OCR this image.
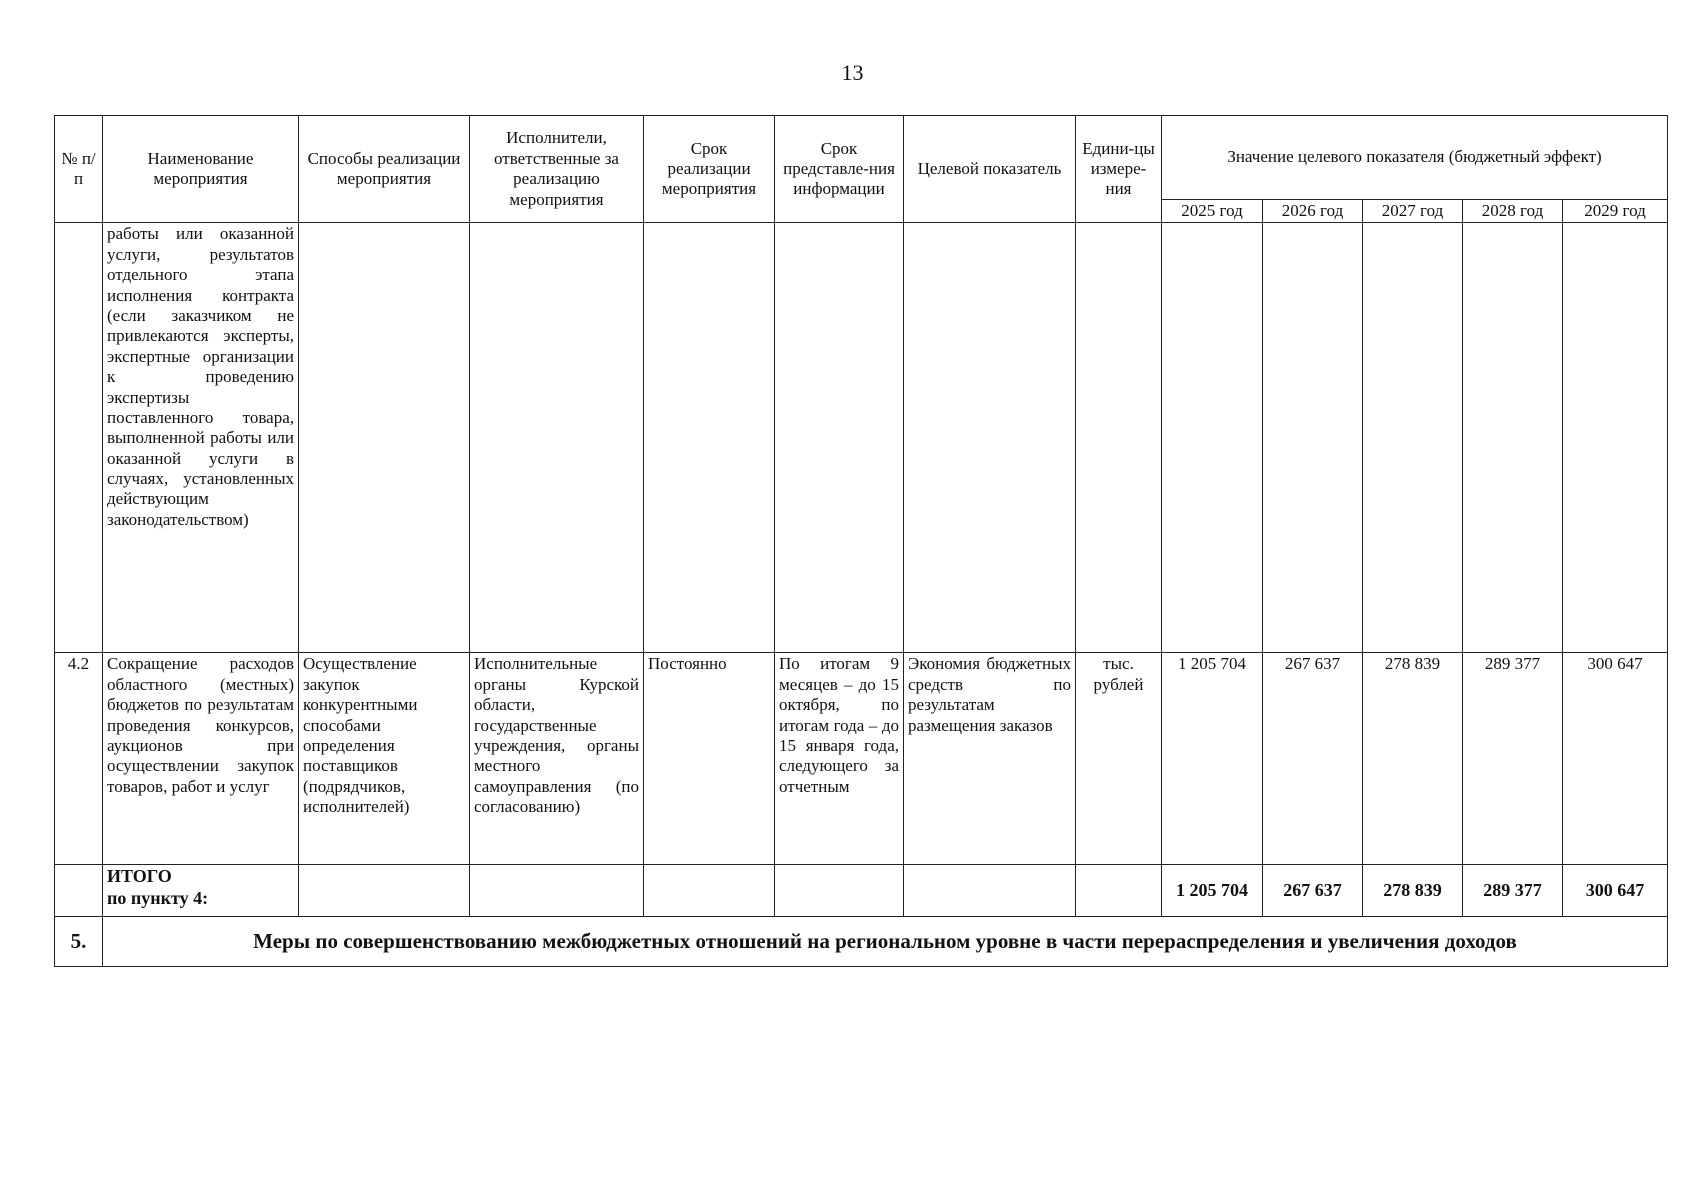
13
№ п/п	Наименование мероприятия	Способы реализации мероприятия	Исполнители, ответственные за реализацию мероприятия	Срок реализации мероприятия	Срок представле-ния информации	Целевой показатель	Едини-цы измере-ния	Значение целевого показателя (бюджетный эффект)				
								2025 год	2026 год	2027 год	2028 год	2029 год
	работы или оказанной услуги, результатов отдельного этапа исполнения контракта (если заказчиком не привлекаются эксперты, экспертные организации к проведению экспертизы поставленного товара, выполненной работы или оказанной услуги в случаях, установленных действующим законодательством)											
4.2	Сокращение расходов областного (местных) бюджетов по результатам проведения конкурсов, аукционов при осуществлении закупок товаров, работ и услуг	Осуществление закупок конкурентными способами определения поставщиков (подрядчиков, исполнителей)	Исполнительные органы Курской области, государственные учреждения, органы местного самоуправления (по согласованию)	Постоянно	По итогам 9 месяцев – до 15 октября, по итогам года – до 15 января года, следующего за отчетным	Экономия бюджетных средств по результатам размещения заказов	тыс. рублей	1 205 704	267 637	278 839	289 377	300 647

	ИТОГО
по пункту 4:							1 205 704	267 637	278 839	289 377	300 647
5.	Меры по совершенствованию межбюджетных отношений на региональном уровне в части перераспределения и увеличения доходов											
